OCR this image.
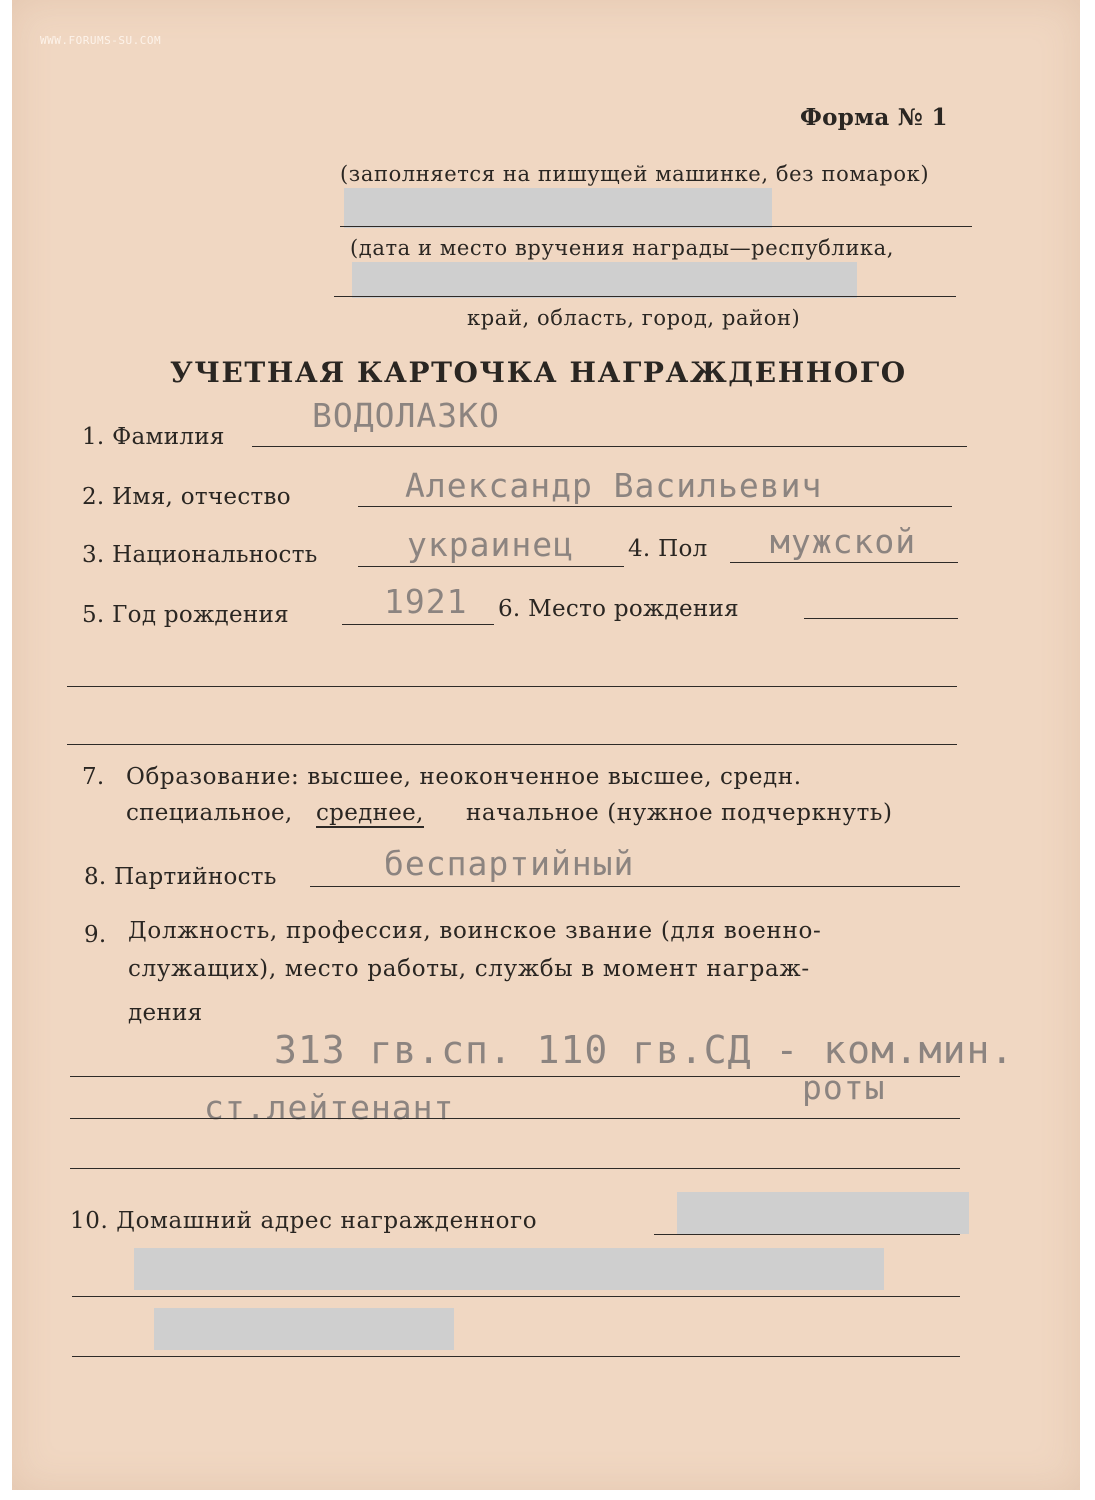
WWW.FORUMS-SU.COM
Форма № 1
(заполняется на пишущей машинке, без помарок)
(дата и место вручения награды—республика,
край, область, город, район)
УЧЕТНАЯ КАРТОЧКА НАГРАЖДЕННОГО
1. Фамилия
ВОДОЛАЗКО
2. Имя, отчество	Александр Васильевич
3. Национальность	украинец 4. Пол мужской
5. Год рождения	1921 6. Место рождения
7. Образование: высшее, неоконченное высшее, средн.
специальное, среднее, начальное (нужное подчеркнуть)
8. Партийность	беспартийный
9. Должность, профессия, воинское звание (для военно-
служащих), место работы, службы в момент награж-
дения
313 гв.сп. 110 гв.СД - ком.мин.
роты
ст.лейтенант
10. Домашний адрес награжденного
